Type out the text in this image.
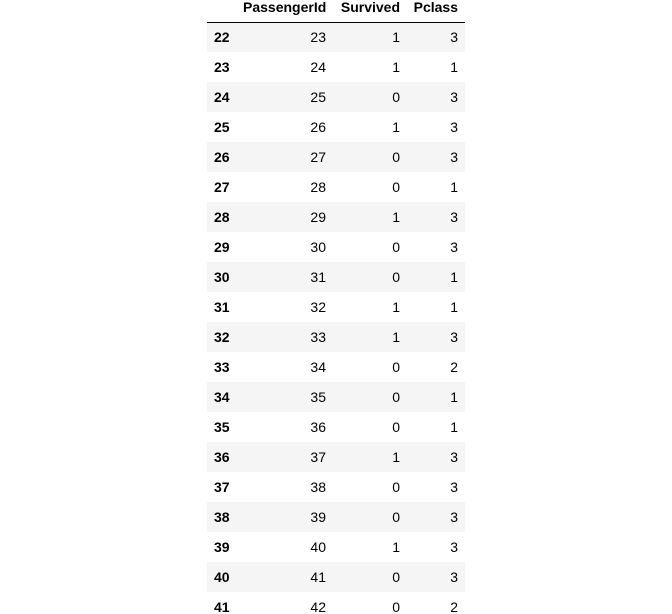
	PassengerId	Survived	Pclass
22	23	1	3
23	24	1	1
24	25	0	3
25	26	1	3
26	27	0	3
27	28	0	1
28	29	1	3
29	30	0	3
30	31	0	1
31	32	1	1
32	33	1	3
33	34	0	2
34	35	0	1
35	36	0	1
36	37	1	3
37	38	0	3
38	39	0	3
39	40	1	3
40	41	0	3
41	42	0	2
